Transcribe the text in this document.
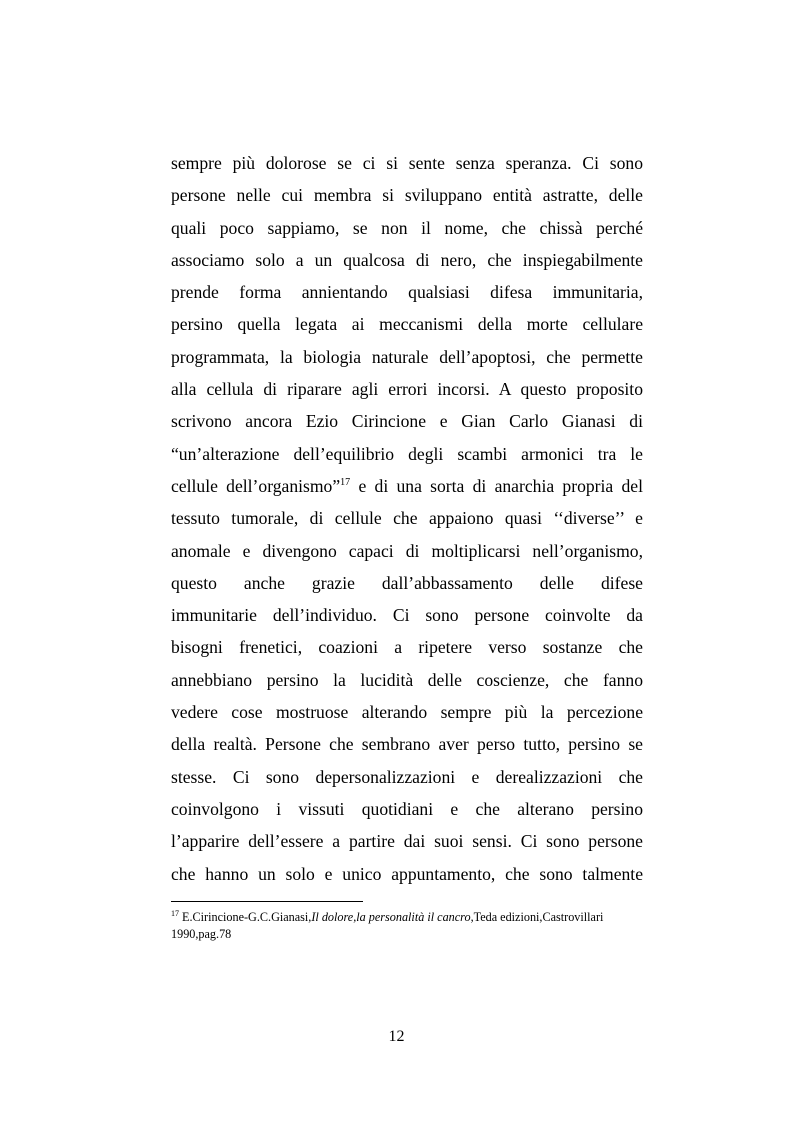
sempre più dolorose se ci si sente senza speranza. Ci sono
persone nelle cui membra si sviluppano entità astratte, delle
quali poco sappiamo, se non il nome, che chissà perché
associamo solo a un qualcosa di nero, che inspiegabilmente
prende forma annientando qualsiasi difesa immunitaria,
persino quella legata ai meccanismi della morte cellulare
programmata, la biologia naturale dell’apoptosi, che permette
alla cellula di riparare agli errori incorsi. A questo proposito
scrivono ancora Ezio Cirincione e Gian Carlo Gianasi di
“un’alterazione dell’equilibrio degli scambi armonici tra le
cellule dell’organismo”$^{17}$ e di una sorta di anarchia propria del
tessuto tumorale, di cellule che appaiono quasi ‘‘diverse’’ e
anomale e divengono capaci di moltiplicarsi nell’organismo,
questo anche grazie dall’abbassamento delle difese
immunitarie dell’individuo. Ci sono persone coinvolte da
bisogni frenetici, coazioni a ripetere verso sostanze che
annebbiano persino la lucidità delle coscienze, che fanno
vedere cose mostruose alterando sempre più la percezione
della realtà. Persone che sembrano aver perso tutto, persino se
stesse. Ci sono depersonalizzazioni e derealizzazioni che
coinvolgono i vissuti quotidiani e che alterano persino
l’apparire dell’essere a partire dai suoi sensi. Ci sono persone
che hanno un solo e unico appuntamento, che sono talmente
$^{17}$ E.Cirincione-G.C.Gianasi,Il dolore,la personalità il cancro,Teda edizioni,Castrovillari
1990,pag.78
12
